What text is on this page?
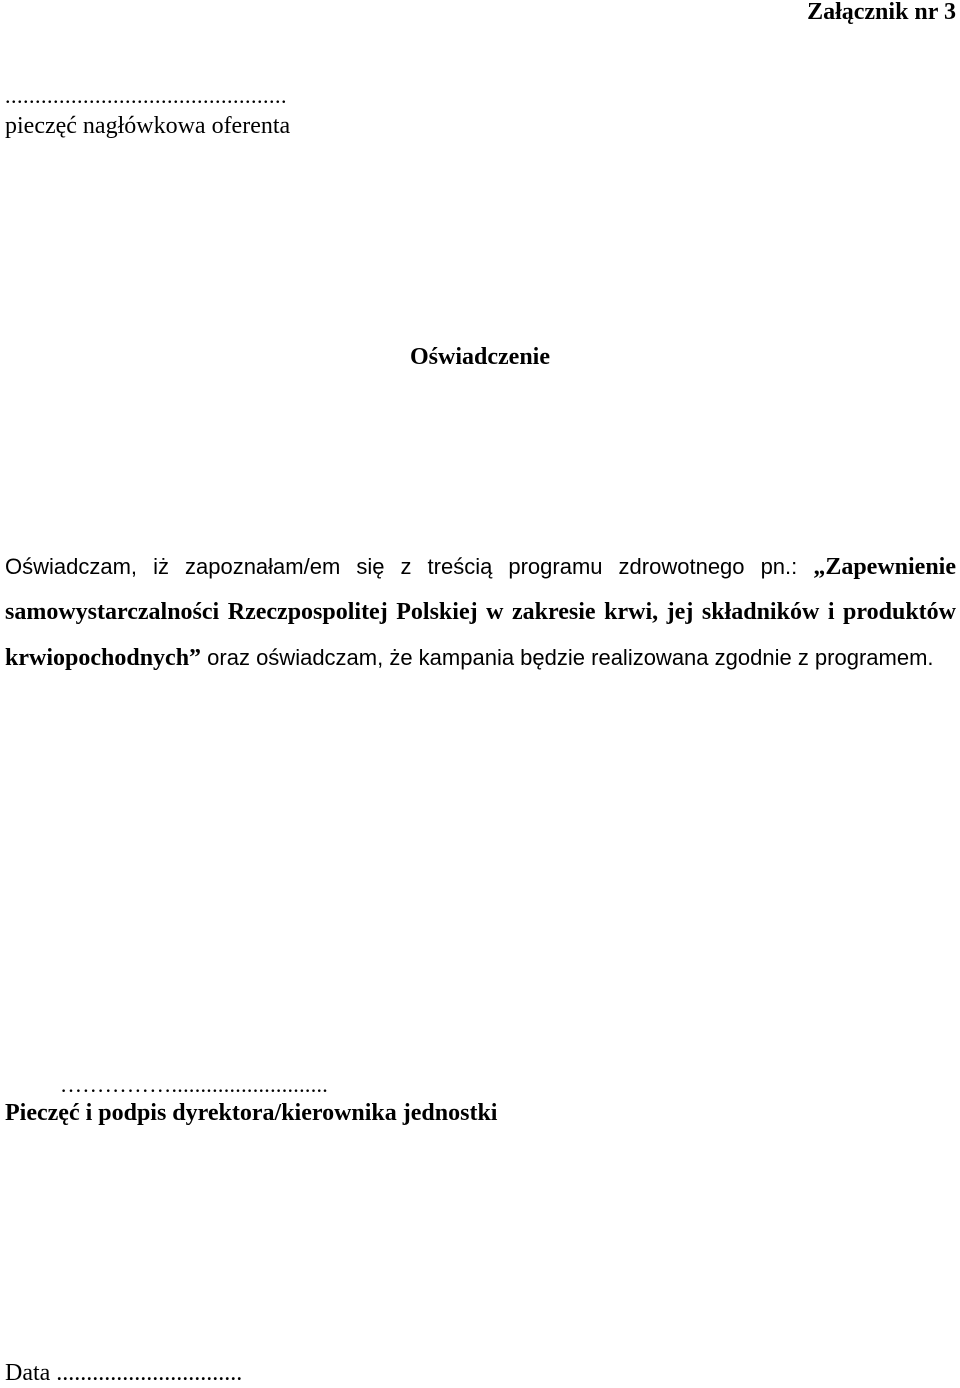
Załącznik nr 3
...............................................
pieczęć nagłówkowa oferenta
Oświadczenie

Oświadczam, iż zapoznałam/em się z treścią programu zdrowotnego pn.: „Zapewnienie samowystarczalności Rzeczpospolitej Polskiej w zakresie krwi, jej składników i produktów krwiopochodnych” oraz oświadczam, że kampania będzie realizowana zgodnie z programem.

……………...........................
Pieczęć i podpis dyrektora/kierownika jednostki
Data ...............................
